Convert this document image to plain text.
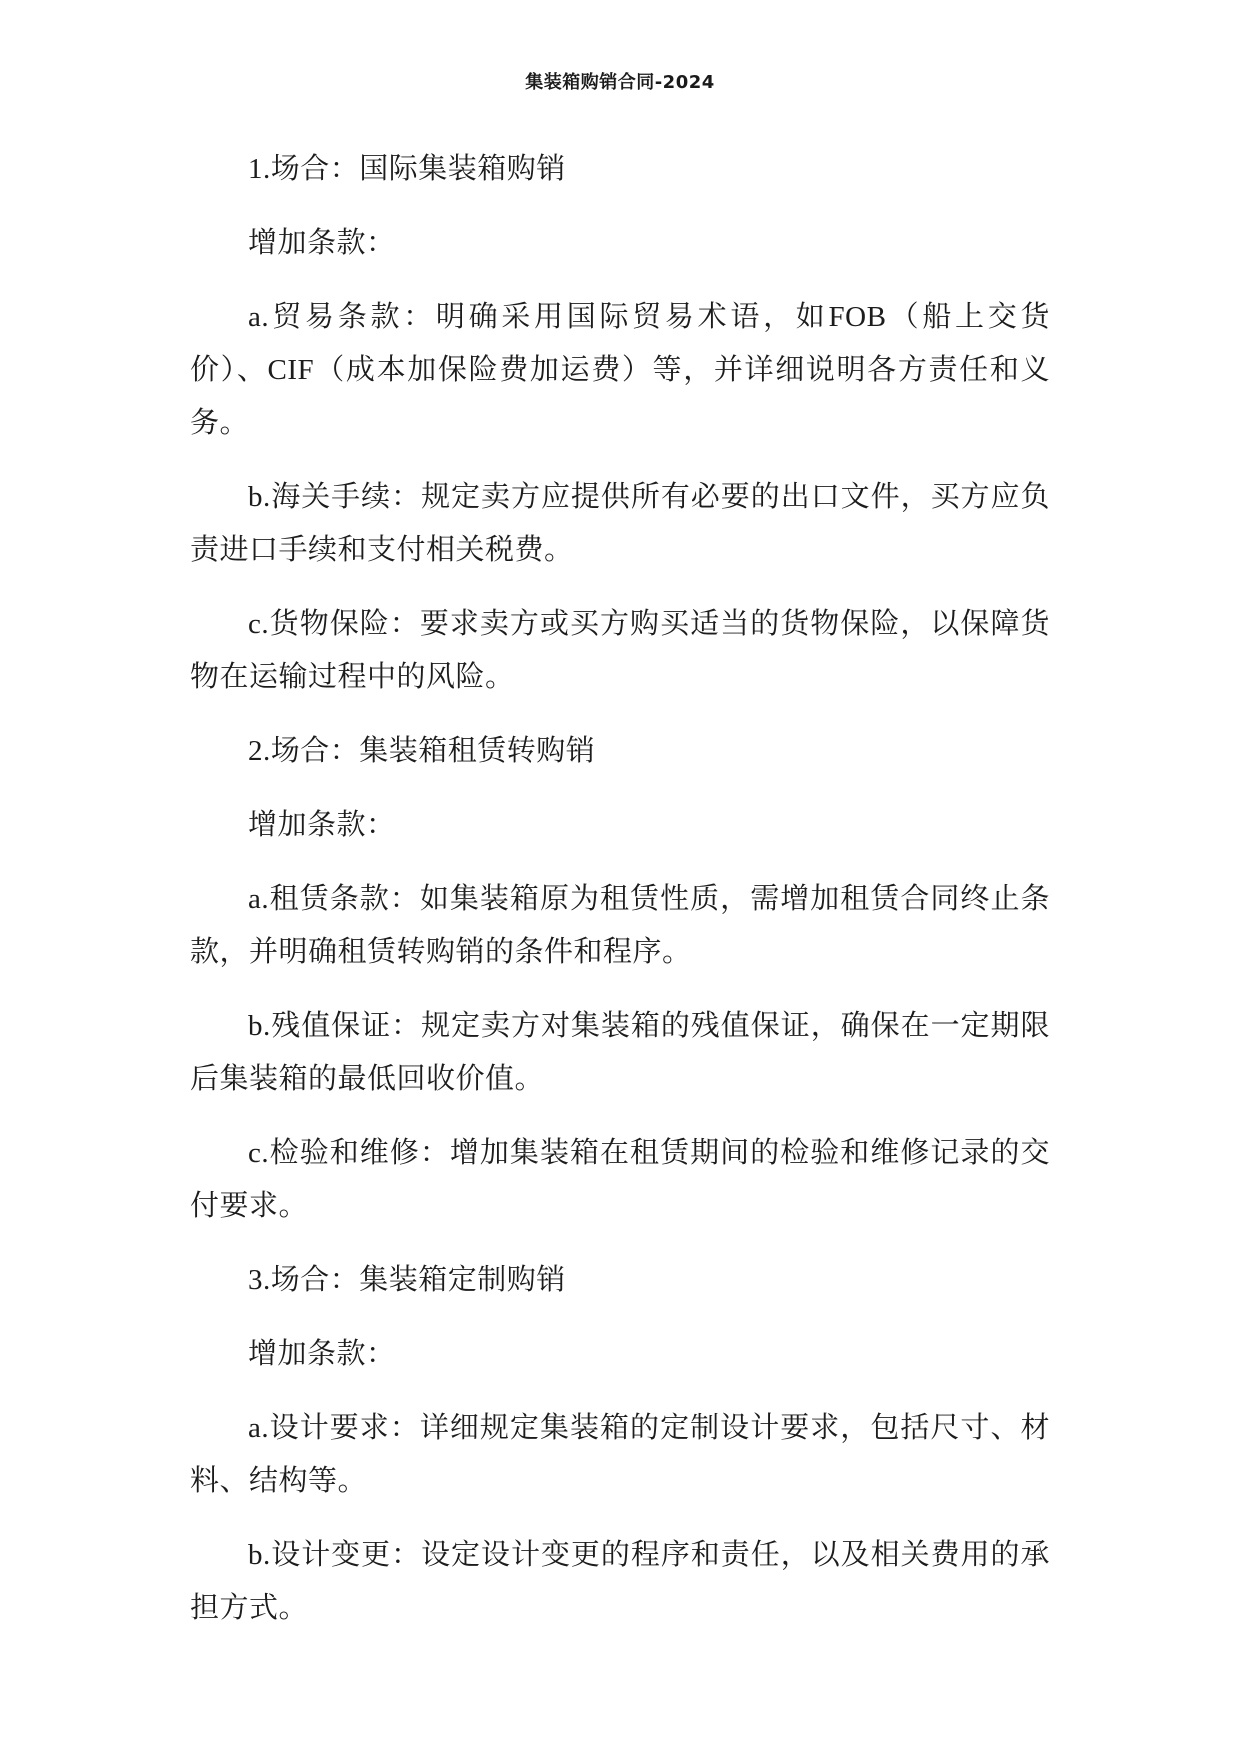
集装箱购销合同-2024

1.场合：国际集装箱购销

增加条款：

a.贸易条款：明确采用国际贸易术语，如FOB（船上交货价）、CIF（成本加保险费加运费）等，并详细说明各方责任和义务。

b.海关手续：规定卖方应提供所有必要的出口文件，买方应负责进口手续和支付相关税费。

c.货物保险：要求卖方或买方购买适当的货物保险，以保障货物在运输过程中的风险。

2.场合：集装箱租赁转购销

增加条款：

a.租赁条款：如集装箱原为租赁性质，需增加租赁合同终止条款，并明确租赁转购销的条件和程序。

b.残值保证：规定卖方对集装箱的残值保证，确保在一定期限后集装箱的最低回收价值。

c.检验和维修：增加集装箱在租赁期间的检验和维修记录的交付要求。

3.场合：集装箱定制购销

增加条款：

a.设计要求：详细规定集装箱的定制设计要求，包括尺寸、材料、结构等。

b.设计变更：设定设计变更的程序和责任，以及相关费用的承担方式。
